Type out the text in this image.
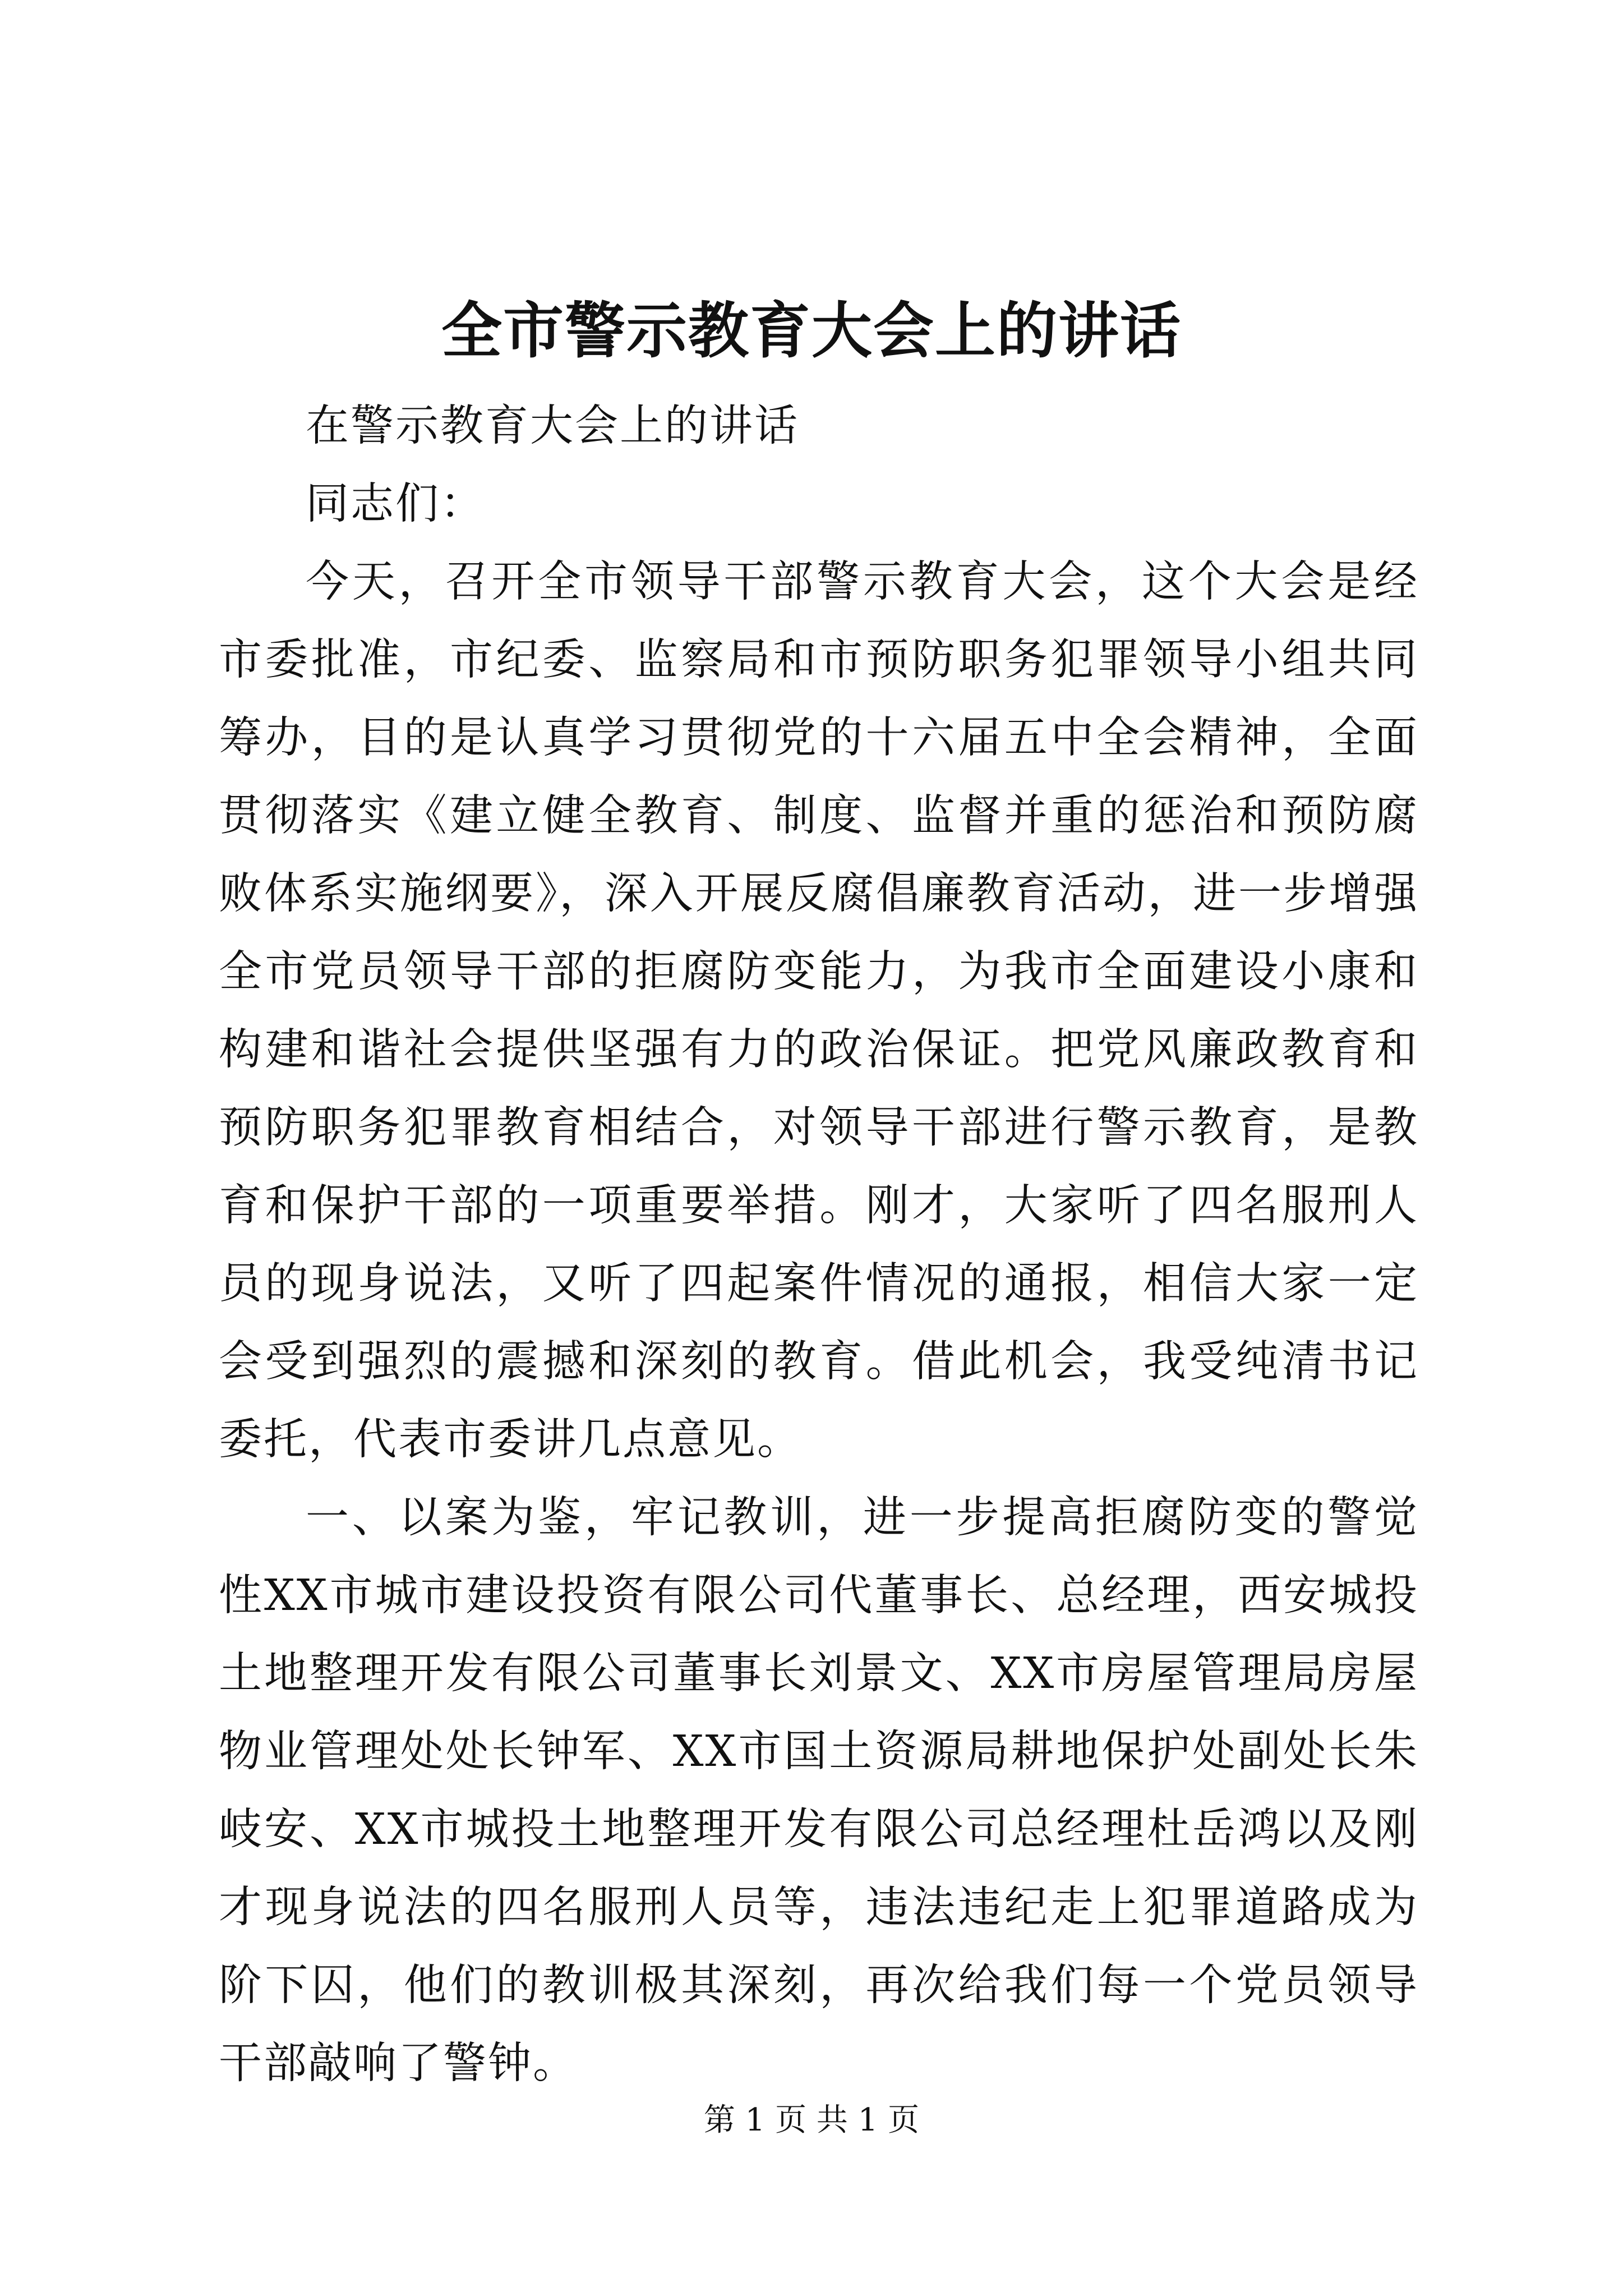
全市警示教育大会上的讲话

在警示教育大会上的讲话

同志们：

今天，召开全市领导干部警示教育大会，这个大会是经市委批准，市纪委、监察局和市预防职务犯罪领导小组共同筹办，目的是认真学习贯彻党的十六届五中全会精神，全面贯彻落实《建立健全教育、制度、监督并重的惩治和预防腐败体系实施纲要》，深入开展反腐倡廉教育活动，进一步增强全市党员领导干部的拒腐防变能力，为我市全面建设小康和构建和谐社会提供坚强有力的政治保证。把党风廉政教育和预防职务犯罪教育相结合，对领导干部进行警示教育，是教育和保护干部的一项重要举措。刚才，大家听了四名服刑人员的现身说法，又听了四起案件情况的通报，相信大家一定会受到强烈的震撼和深刻的教育。借此机会，我受纯清书记委托，代表市委讲几点意见。

一、以案为鉴，牢记教训，进一步提高拒腐防变的警觉性XX市城市建设投资有限公司代董事长、总经理，西安城投土地整理开发有限公司董事长刘景文、XX市房屋管理局房屋物业管理处处长钟军、XX市国土资源局耕地保护处副处长朱岐安、XX市城投土地整理开发有限公司总经理杜岳鸿以及刚才现身说法的四名服刑人员等，违法违纪走上犯罪道路成为阶下囚，他们的教训极其深刻，再次给我们每一个党员领导干部敲响了警钟。

第 1 页 共 1 页
